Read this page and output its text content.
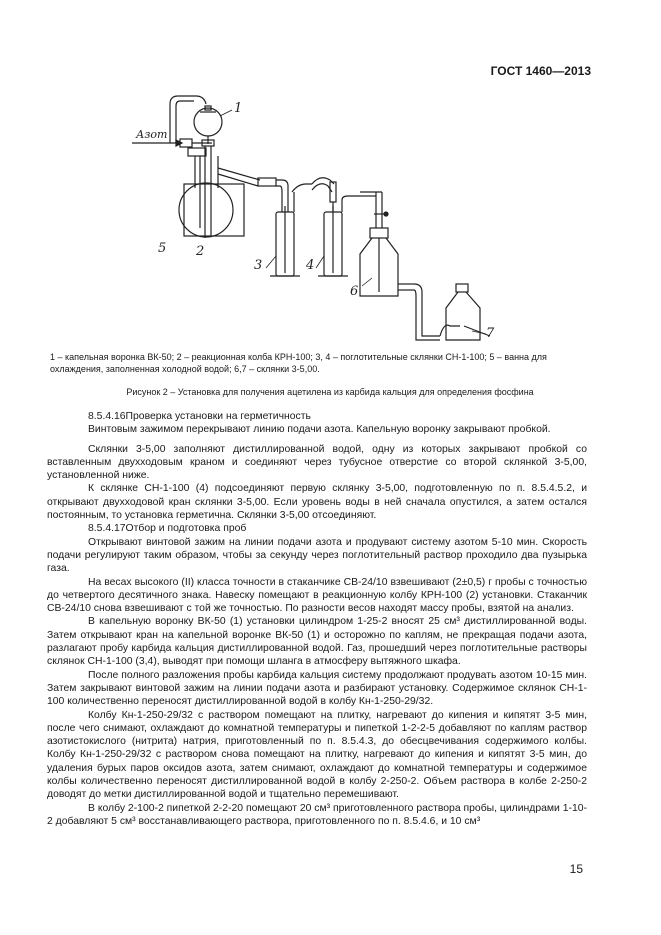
ГОСТ 1460—2013
Азот
1
2
3	4
5
6
7
1 – капельная воронка ВК-50; 2 – реакционная колба КРН-100; 3, 4 – поглотительные склянки СН-1-100; 5 – ванна для охлаждения, заполненная холодной водой; 6,7 – склянки 3-5,00.
Рисунок 2 – Установка для получения ацетилена из карбида кальция для определения фосфина

8.5.4.16Проверка установки на герметичность

Винтовым зажимом перекрывают линию подачи азота. Капельную воронку закрывают пробкой.

Склянки 3-5,00 заполняют дистиллированной водой, одну из которых закрывают пробкой со вставленным двухходовым краном и соединяют через тубусное отверстие со второй склянкой 3-5,00, установленной ниже.

К склянке СН-1-100 (4) подсоединяют первую склянку 3-5,00, подготовленную по п. 8.5.4.5.2, и открывают двухходовой кран склянки 3-5,00. Если уровень воды в ней сначала опустился, а затем остался постоянным, то установка герметична. Склянки 3-5,00 отсоединяют.

8.5.4.17Отбор и подготовка проб

Открывают винтовой зажим на линии подачи азота и продувают систему азотом 5-10 мин. Скорость подачи регулируют таким образом, чтобы за секунду через поглотительный раствор проходило два пузырька газа.

На весах высокого (II) класса точности в стаканчике СВ-24/10 взвешивают (2±0,5) г пробы с точностью до четвертого десятичного знака. Навеску помещают в реакционную колбу КРН-100 (2) установки. Стаканчик СВ-24/10 снова взвешивают с той же точностью. По разности весов находят массу пробы, взятой на анализ.

В капельную воронку ВК-50 (1) установки цилиндром 1-25-2 вносят 25 см³ дистиллированной воды. Затем открывают кран на капельной воронке ВК-50 (1) и осторожно по каплям, не прекращая подачи азота, разлагают пробу карбида кальция дистиллированной водой. Газ, прошедший через поглотительные растворы склянок СН-1-100 (3,4), выводят при помощи шланга в атмосферу вытяжного шкафа.

После полного разложения пробы карбида кальция систему продолжают продувать азотом 10-15 мин. Затем закрывают винтовой зажим на линии подачи азота и разбирают установку. Содержимое склянок СН-1-100 количественно переносят дистиллированной водой в колбу Кн-1-250-29/32.

Колбу Кн-1-250-29/32 с раствором помещают на плитку, нагревают до кипения и кипятят 3-5 мин, после чего снимают, охлаждают до комнатной температуры и пипеткой 1-2-2-5 добавляют по каплям раствор азотистокислого (нитрита) натрия, приготовленный по п. 8.5.4.3, до обесцвечивания содержимого колбы. Колбу Кн-1-250-29/32 с раствором снова помещают на плитку, нагревают до кипения и кипятят 3-5 мин, до удаления бурых паров оксидов азота, затем снимают, охлаждают до комнатной температуры и содержимое колбы количественно переносят дистиллированной водой в колбу 2-250-2. Объем раствора в колбе 2-250-2 доводят до метки дистиллированной водой и тщательно перемешивают.

В колбу 2-100-2 пипеткой 2-2-20 помещают 20 см³ приготовленного раствора пробы, цилиндрами 1-10-2 добавляют 5 см³ восстанавливающего раствора, приготовленного по п. 8.5.4.6, и 10 см³

15
